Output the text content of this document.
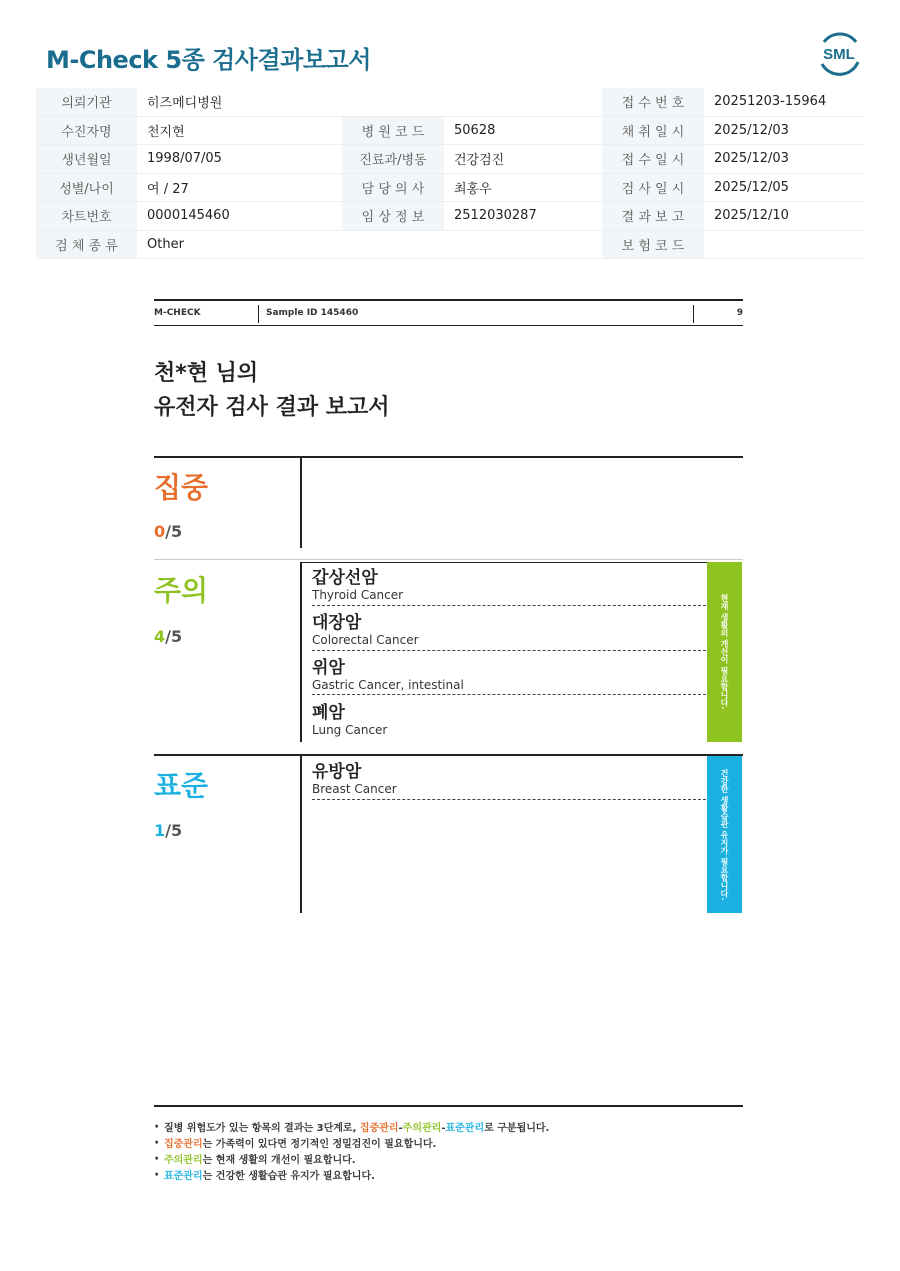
M-Check 5종 검사결과보고서	SML
의뢰기관	히즈메디병원			접 수 번 호	20251203-15964
수진자명	천지현	병 원 코 드	50628	채 취 일 시	2025/12/03
생년월일	1998/07/05	진료과/병동	건강검진	접 수 일 시	2025/12/03
성별/나이	여 / 27	담 당 의 사	최홍우	검 사 일 시	2025/12/05
차트번호	0000145460	임 상 정 보	2512030287	결 과 보 고	2025/12/10
검 체 종 류	Other			보 험 코 드	
M-CHECK	Sample ID 145460	9
천*현 님의
유전자 검사 결과 보고서
집중
0/5
주의
4/5
갑상선암
Thyroid Cancer
대장암
Colorectal Cancer
위암
Gastric Cancer, intestinal
폐암
Lung Cancer
현재 생활의 개선이 필요합니다.
표준
1/5
유방암
Breast Cancer	건강한 생활습관 유지가 필요합니다.
· 질병 위험도가 있는 항목의 결과는 3단계로, 집중관리-주의관리-표준관리로 구분됩니다.
· 집중관리는 가족력이 있다면 정기적인 정밀검진이 필요합니다.
· 주의관리는 현재 생활의 개선이 필요합니다.
· 표준관리는 건강한 생활습관 유지가 필요합니다.
